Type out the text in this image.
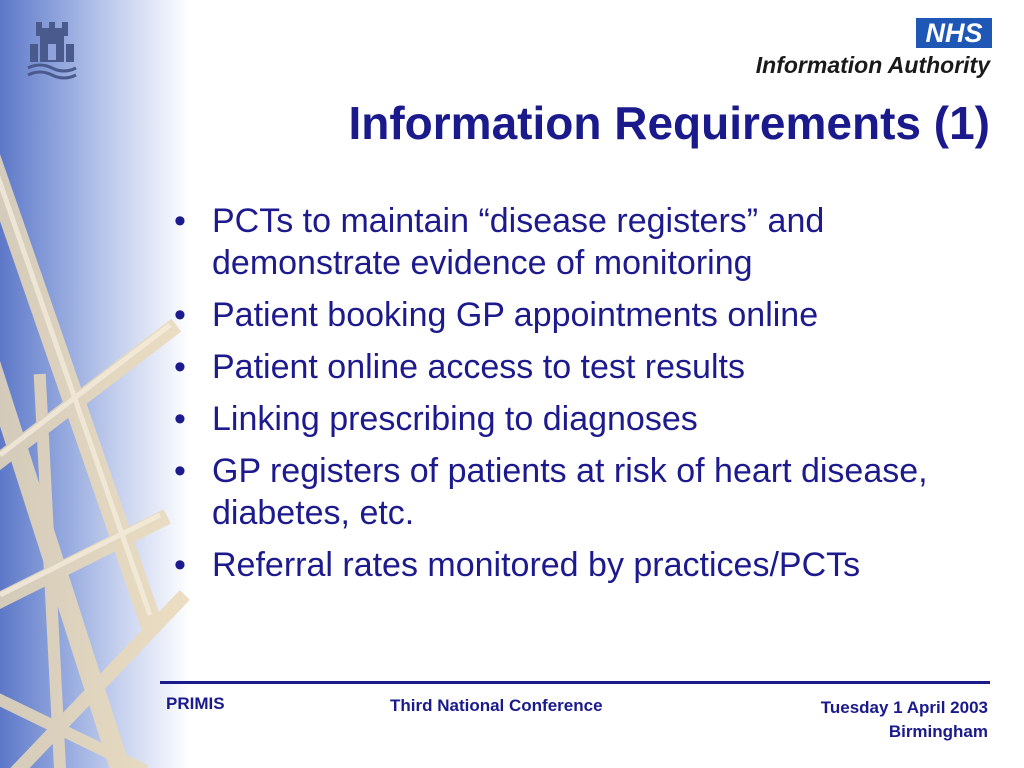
NHS
Information Authority
Information Requirements (1)
• PCTs to maintain “disease registers” and demonstrate evidence of monitoring
• Patient booking GP appointments online
• Patient online access to test results
• Linking prescribing to diagnoses
• GP registers of patients at risk of heart disease, diabetes, etc.
• Referral rates monitored by practices/PCTs
PRIMIS	Third National Conference	Tuesday 1 April 2003
Birmingham
